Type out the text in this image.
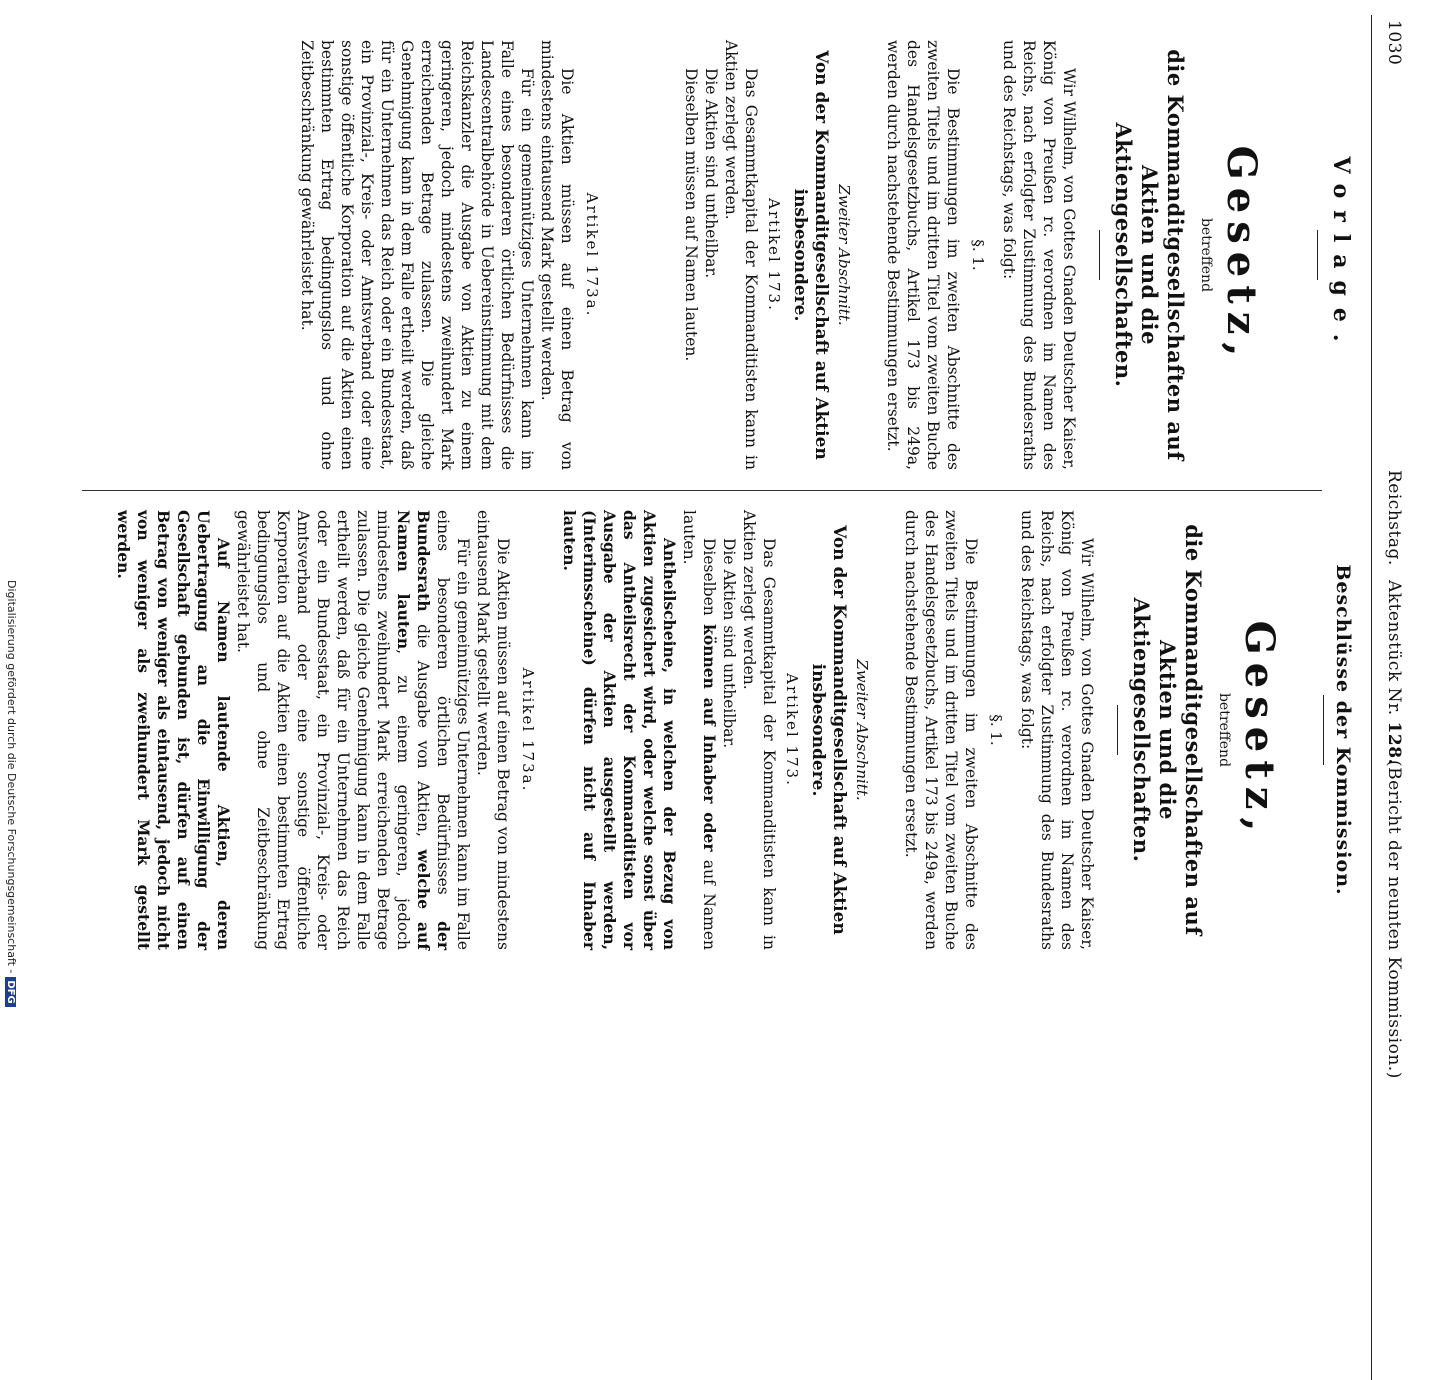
1030
Reichstag.
Aktenstück Nr. 128.
(Bericht der neunten Kommission.)
Vorlage.
Gesetz,
betreffend
die Kommanditgesellschaften auf Aktien und die Aktiengesellschaften.

Wir Wilhelm, von Gottes Gnaden Deutscher Kaiser, König von Preußen rc. verordnen im Namen des Reichs, nach erfolgter Zustimmung des Bundesraths und des Reichstags, was folgt:

§. 1.

Die Bestimmungen im zweiten Abschnitte des zweiten Titels und im dritten Titel vom zweiten Buche des Handelsgesetzbuchs, Artikel 173 bis 249a, werden durch nachstehende Bestimmungen ersetzt.

Zweiter Abschnitt.
Von der Kommanditgesellschaft auf Aktien insbesondere.
Artikel 173.

Das Gesammtkapital der Kommanditisten kann in Aktien zerlegt werden.

Die Aktien sind untheilbar.

Dieselben müssen auf Namen lauten.

Artikel 173a.

Die Aktien müssen auf einen Betrag von mindestens eintausend Mark gestellt werden.

Für ein gemeinnütziges Unternehmen kann im Falle eines besonderen örtlichen Bedürfnisses die Landescentralbehörde in Uebereinstimmung mit dem Reichskanzler die Ausgabe von Aktien zu einem geringeren, jedoch mindestens zweihundert Mark erreichenden Betrage zulassen. Die gleiche Genehmigung kann in dem Falle ertheilt werden, daß für ein Unternehmen das Reich oder ein Bundesstaat, ein Provinzial-, Kreis- oder Amtsverband oder eine sonstige öffentliche Korporation auf die Aktien einen bestimmten Ertrag bedingungslos und ohne Zeitbeschränkung gewährleistet hat.

Beschlüsse der Kommission.
Gesetz,
betreffend
die Kommanditgesellschaften auf Aktien und die Aktiengesellschaften.

Wir Wilhelm, von Gottes Gnaden Deutscher Kaiser, König von Preußen rc. verordnen im Namen des Reichs, nach erfolgter Zustimmung des Bundesraths und des Reichstags, was folgt:

§. 1.

Die Bestimmungen im zweiten Abschnitte des zweiten Titels und im dritten Titel vom zweiten Buche des Handelsgesetzbuchs, Artikel 173 bis 249a, werden durch nachstehende Bestimmungen ersetzt.

Zweiter Abschnitt.
Von der Kommanditgesellschaft auf Aktien insbesondere.
Artikel 173.

Das Gesammtkapital der Kommanditisten kann in Aktien zerlegt werden.

Die Aktien sind untheilbar.

Dieselben können auf Inhaber oder auf Namen lauten.

Antheilscheine, in welchen der Bezug von Aktien zugesichert wird, oder welche sonst über das Antheilsrecht der Kommanditisten vor Ausgabe der Aktien ausgestellt werden, (Interimsscheine) dürfen nicht auf Inhaber lauten.

Artikel 173a.

Die Aktien müssen auf einen Betrag von mindestens eintausend Mark gestellt werden.

Für ein gemeinnütziges Unternehmen kann im Falle eines besonderen örtlichen Bedürfnisses der Bundesrath die Ausgabe von Aktien, welche auf Namen lauten, zu einem geringeren, jedoch mindestens zweihundert Mark erreichenden Betrage zulassen. Die gleiche Genehmigung kann in dem Falle ertheilt werden, daß für ein Unternehmen das Reich oder ein Bundesstaat, ein Provinzial-, Kreis- oder Amtsverband oder eine sonstige öffentliche Korporation auf die Aktien einen bestimmten Ertrag bedingungslos und ohne Zeitbeschränkung gewährleistet hat.

Auf Namen lautende Aktien, deren Uebertragung an die Einwilligung der Gesellschaft gebunden ist, dürfen auf einen Betrag von weniger als eintausend, jedoch nicht von weniger als zweihundert Mark gestellt werden.

Digitalisierung gefördert durch die Deutsche Forschungsgemeinschaft -DFG
